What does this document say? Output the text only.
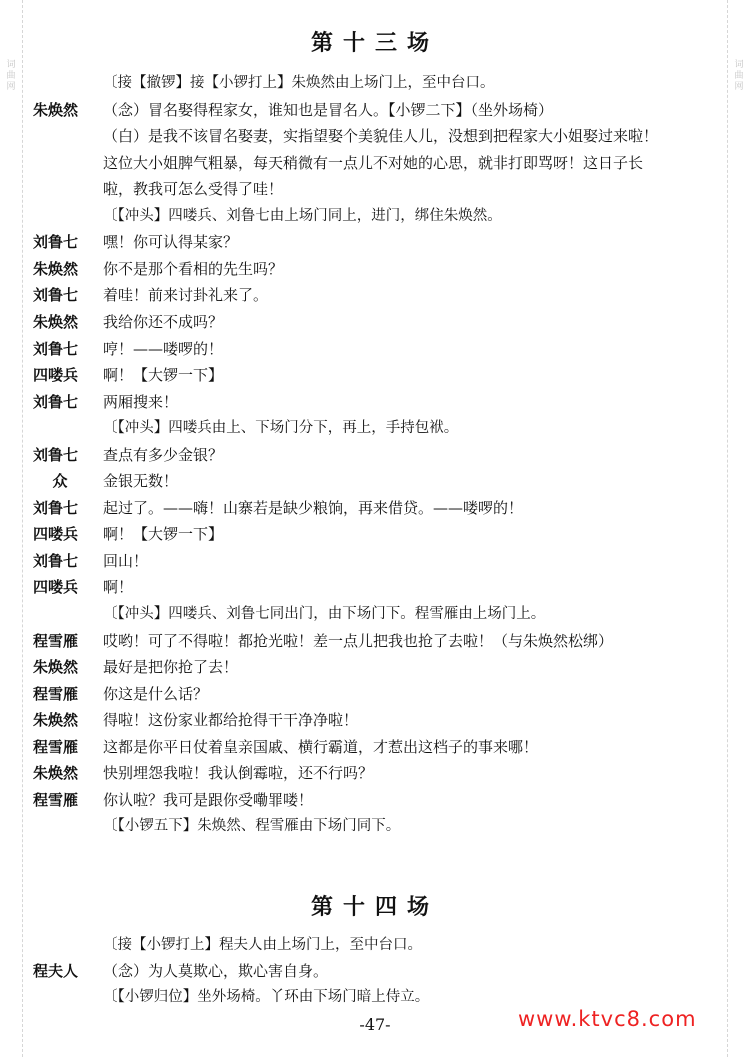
词
曲
网
词
曲
网
第十三场
〔接【撤锣】接【小锣打上】朱焕然由上场门上，至中台口。
朱焕然	（念）冒名娶得程家女，谁知也是冒名人。【小锣二下】（坐外场椅）
（白）是我不该冒名娶妻，实指望娶个美貌佳人儿，没想到把程家大小姐娶过来啦！
这位大小姐脾气粗暴，每天稍微有一点儿不对她的心思，就非打即骂呀！这日子长
啦，教我可怎么受得了哇！
〔【冲头】四喽兵、刘鲁七由上场门同上，进门，绑住朱焕然。
刘鲁七	嘿！你可认得某家？
朱焕然	你不是那个看相的先生吗？
刘鲁七	着哇！前来讨卦礼来了。
朱焕然	我给你还不成吗？
刘鲁七	哼！——喽啰的！
四喽兵	啊！【大锣一下】
刘鲁七	两厢搜来！
〔【冲头】四喽兵由上、下场门分下，再上，手持包袱。
刘鲁七	查点有多少金银？
众	金银无数！
刘鲁七	起过了。——嗨！山寨若是缺少粮饷，再来借贷。——喽啰的！
四喽兵	啊！【大锣一下】
刘鲁七	回山！
四喽兵	啊！
〔【冲头】四喽兵、刘鲁七同出门，由下场门下。程雪雁由上场门上。
程雪雁	哎哟！可了不得啦！都抢光啦！差一点儿把我也抢了去啦！（与朱焕然松绑）
朱焕然	最好是把你抢了去！
程雪雁	你这是什么话？
朱焕然	得啦！这份家业都给抢得干干净净啦！
程雪雁	这都是你平日仗着皇亲国戚、横行霸道，才惹出这档子的事来哪！
朱焕然	快别埋怨我啦！我认倒霉啦，还不行吗？
程雪雁	你认啦？我可是跟你受嘞罪喽！
〔【小锣五下】朱焕然、程雪雁由下场门同下。
第十四场
〔接【小锣打上】程夫人由上场门上，至中台口。
程夫人	（念）为人莫欺心，欺心害自身。
〔【小锣归位】坐外场椅。丫环由下场门暗上侍立。
-47-	www.ktvc8.com
